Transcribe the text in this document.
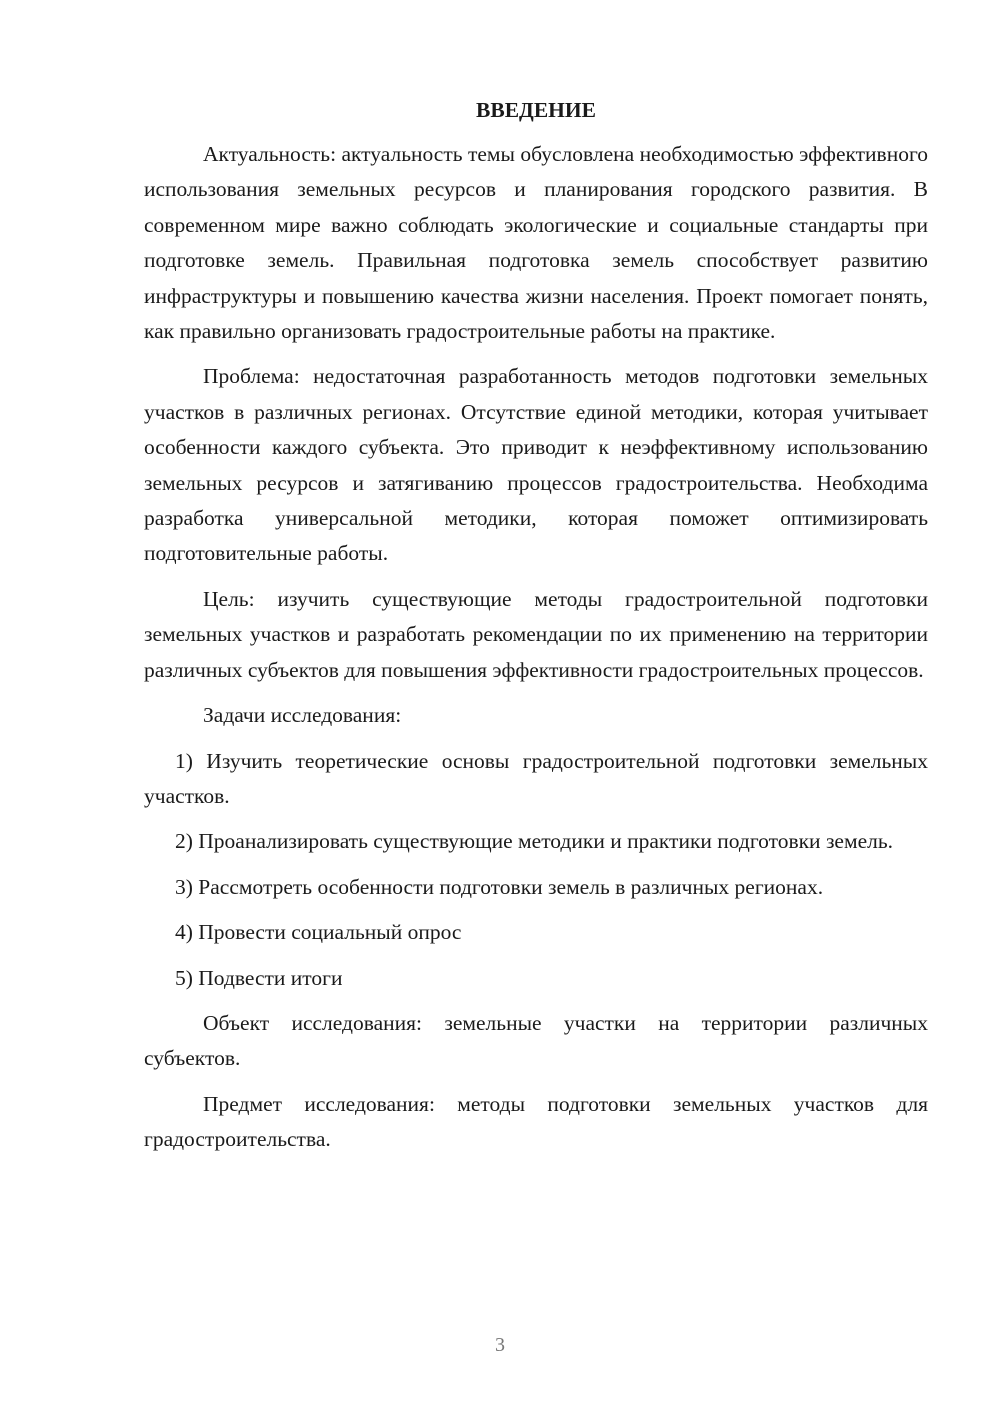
ВВЕДЕНИЕ

Актуальность: актуальность темы обусловлена необходимостью эффективного использования земельных ресурсов и планирования городского развития. В современном мире важно соблюдать экологические и социальные стандарты при подготовке земель. Правильная подготовка земель способствует развитию инфраструктуры и повышению качества жизни населения. Проект помогает понять, как правильно организовать градостроительные работы на практике.

Проблема: недостаточная разработанность методов подготовки земельных участков в различных регионах. Отсутствие единой методики, которая учитывает особенности каждого субъекта. Это приводит к неэффективному использованию земельных ресурсов и затягиванию процессов градостроительства. Необходима разработка универсальной методики, которая поможет оптимизировать подготовительные работы.

Цель: изучить существующие методы градостроительной подготовки земельных участков и разработать рекомендации по их применению на территории различных субъектов для повышения эффективности градостроительных процессов.

Задачи исследования:

1) Изучить теоретические основы градостроительной подготовки земельных участков.

2) Проанализировать существующие методики и практики подготовки земель.

3) Рассмотреть особенности подготовки земель в различных регионах.

4) Провести социальный опрос

5) Подвести итоги

Объект исследования: земельные участки на территории различных субъектов.

Предмет исследования: методы подготовки земельных участков для градостроительства.

3
